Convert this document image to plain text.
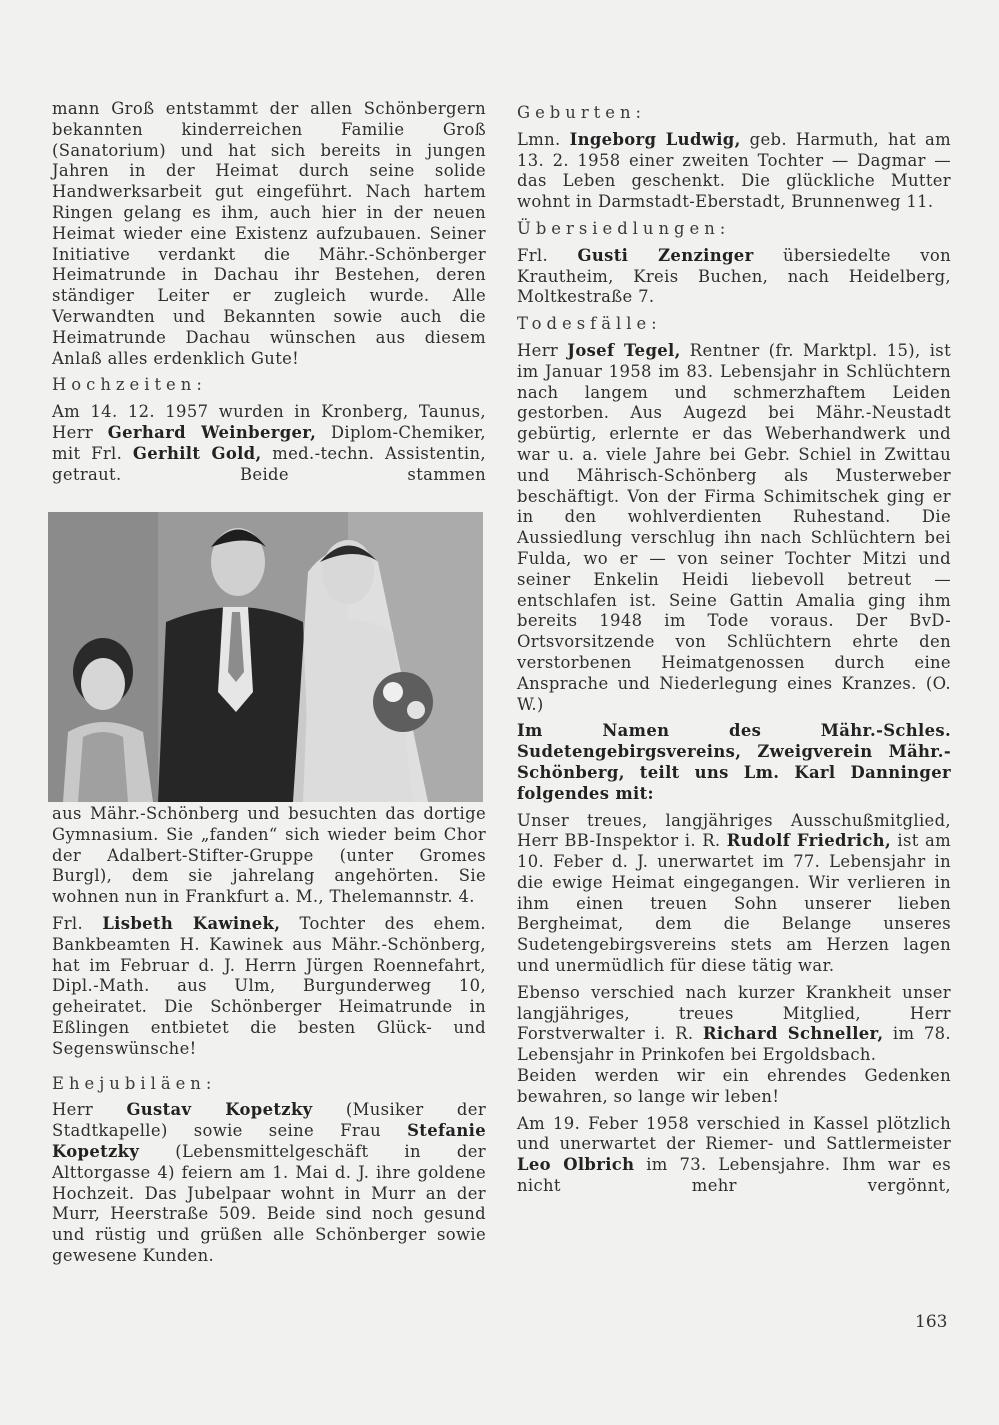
mann Groß entstammt der allen Schönbergern bekannten kinderreichen Familie Groß (Sanatorium) und hat sich bereits in jungen Jahren in der Heimat durch seine solide Handwerksarbeit gut eingeführt. Nach hartem Ringen gelang es ihm, auch hier in der neuen Heimat wieder eine Existenz aufzubauen. Seiner Initiative verdankt die Mähr.-Schönberger Heimatrunde in Dachau ihr Bestehen, deren ständiger Leiter er zugleich wurde. Alle Verwandten und Bekannten sowie auch die Heimatrunde Dachau wünschen aus diesem Anlaß alles erdenklich Gute!

Hochzeiten:

Am 14. 12. 1957 wurden in Kronberg, Taunus, Herr Gerhard Weinberger, Diplom-Chemiker, mit Frl. Gerhilt Gold, med.-techn. Assistentin, getraut. Beide stammen

aus Mähr.-Schönberg und besuchten das dortige Gymnasium. Sie „fanden“ sich wieder beim Chor der Adalbert-Stifter-Gruppe (unter Gromes Burgl), dem sie jahrelang angehörten. Sie wohnen nun in Frankfurt a. M., Thelemannstr. 4.

Frl. Lisbeth Kawinek, Tochter des ehem. Bankbeamten H. Kawinek aus Mähr.-Schönberg, hat im Februar d. J. Herrn Jürgen Roennefahrt, Dipl.-Math. aus Ulm, Burgunderweg 10, geheiratet. Die Schönberger Heimatrunde in Eßlingen entbietet die besten Glück- und Segenswünsche!

Ehejubiläen:

Herr Gustav Kopetzky (Musiker der Stadtkapelle) sowie seine Frau Stefanie Kopetzky (Lebensmittelgeschäft in der Alttorgasse 4) feiern am 1. Mai d. J. ihre goldene Hochzeit. Das Jubelpaar wohnt in Murr an der Murr, Heerstraße 509. Beide sind noch gesund und rüstig und grüßen alle Schönberger sowie gewesene Kunden.

Geburten:

Lmn. Ingeborg Ludwig, geb. Harmuth, hat am 13. 2. 1958 einer zweiten Tochter — Dagmar — das Leben geschenkt. Die glückliche Mutter wohnt in Darmstadt-Eberstadt, Brunnenweg 11.

Übersiedlungen:

Frl. Gusti Zenzinger übersiedelte von Krautheim, Kreis Buchen, nach Heidelberg, Moltkestraße 7.

Todesfälle:

Herr Josef Tegel, Rentner (fr. Marktpl. 15), ist im Januar 1958 im 83. Lebensjahr in Schlüchtern nach langem und schmerzhaftem Leiden gestorben. Aus Augezd bei Mähr.-Neustadt gebürtig, erlernte er das Weberhandwerk und war u. a. viele Jahre bei Gebr. Schiel in Zwittau und Mährisch-Schönberg als Musterweber beschäftigt. Von der Firma Schimitschek ging er in den wohlverdienten Ruhestand. Die Aussiedlung verschlug ihn nach Schlüchtern bei Fulda, wo er — von seiner Tochter Mitzi und seiner Enkelin Heidi liebevoll betreut — entschlafen ist. Seine Gattin Amalia ging ihm bereits 1948 im Tode voraus. Der BvD-Ortsvorsitzende von Schlüchtern ehrte den verstorbenen Heimatgenossen durch eine Ansprache und Niederlegung eines Kranzes. (O. W.)

Im Namen des Mähr.-Schles. Sudetengebirgsvereins, Zweigverein Mähr.-Schönberg, teilt uns Lm. Karl Danninger folgendes mit:

Unser treues, langjähriges Ausschußmitglied, Herr BB-Inspektor i. R. Rudolf Friedrich, ist am 10. Feber d. J. unerwartet im 77. Lebensjahr in die ewige Heimat eingegangen. Wir verlieren in ihm einen treuen Sohn unserer lieben Bergheimat, dem die Belange unseres Sudetengebirgsvereins stets am Herzen lagen und unermüdlich für diese tätig war.

Ebenso verschied nach kurzer Krankheit unser langjähriges, treues Mitglied, Herr Forstverwalter i. R. Richard Schneller, im 78. Lebensjahr in Prinkofen bei Ergoldsbach.

Beiden werden wir ein ehrendes Gedenken bewahren, so lange wir leben!

Am 19. Feber 1958 verschied in Kassel plötzlich und unerwartet der Riemer- und Sattlermeister Leo Olbrich im 73. Lebensjahre. Ihm war es nicht mehr vergönnt,

163
